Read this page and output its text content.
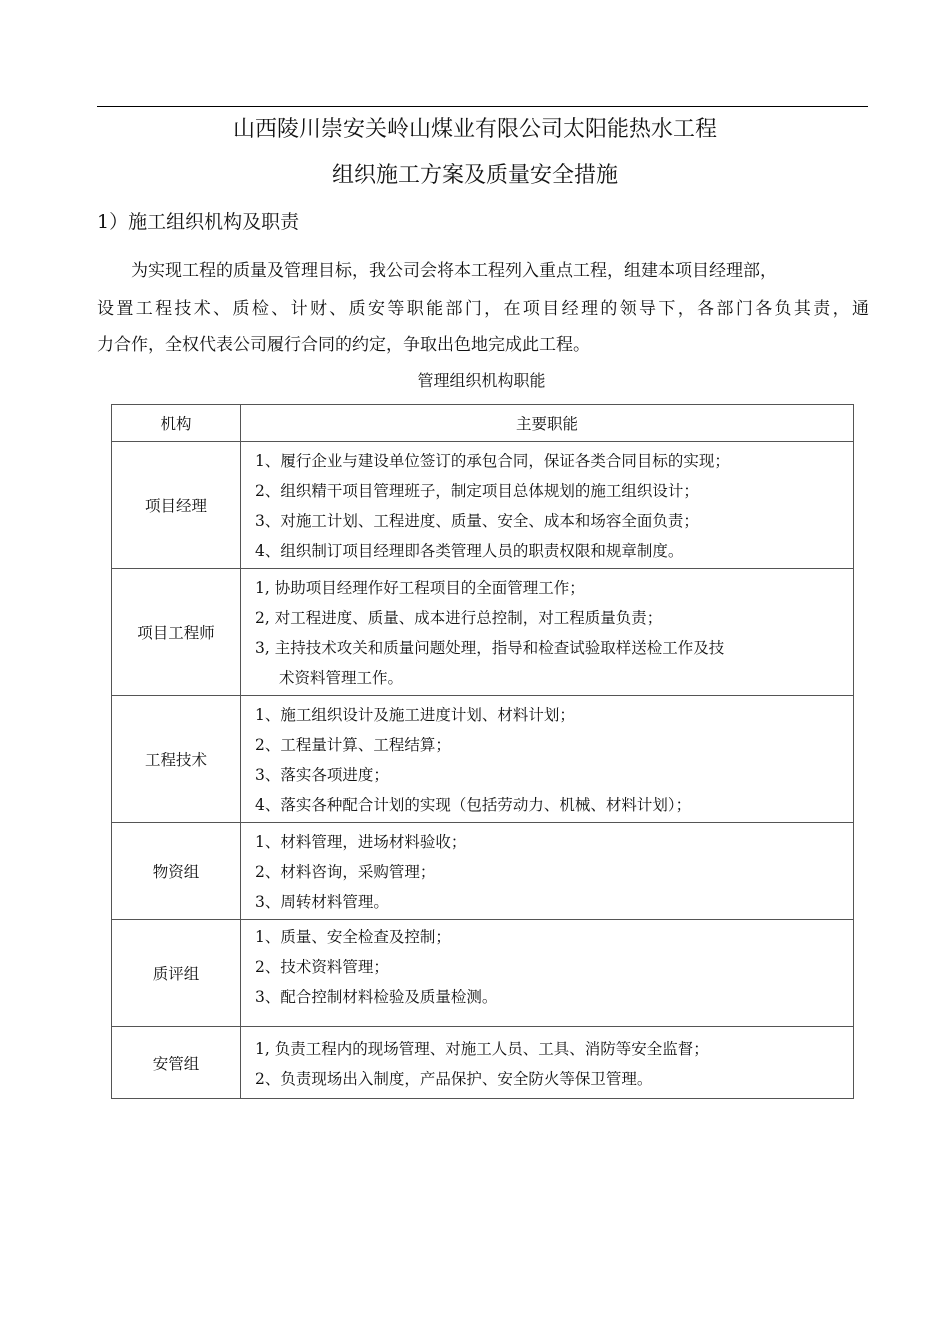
山西陵川崇安关岭山煤业有限公司太阳能热水工程
组织施工方案及质量安全措施
1）施工组织机构及职责
为实现工程的质量及管理目标，我公司会将本工程列入重点工程，组建本项目经理部，
设置工程技术、质检、计财、质安等职能部门，在项目经理的领导下，各部门各负其责，通
力合作，全权代表公司履行合同的约定，争取出色地完成此工程。
管理组织机构职能
机构	主要职能
项目经理	1、履行企业与建设单位签订的承包合同，保证各类合同目标的实现；
2、组织精干项目管理班子，制定项目总体规划的施工组织设计；
3、对施工计划、工程进度、质量、安全、成本和场容全面负责；
4、组织制订项目经理即各类管理人员的职责权限和规章制度。

项目工程师	1, 协助项目经理作好工程项目的全面管理工作；
2, 对工程进度、质量、成本进行总控制，对工程质量负责；
3, 主持技术攻关和质量问题处理，指导和检查试验取样送检工作及技
术资料管理工作。

工程技术	1、施工组织设计及施工进度计划、材料计划；
2、工程量计算、工程结算；
3、落实各项进度；
4、落实各种配合计划的实现（包括劳动力、机械、材料计划）；

物资组	1、材料管理，进场材料验收；
2、材料咨询，采购管理；
3、周转材料管理。

质评组	1、质量、安全检查及控制；
2、技术资料管理；
3、配合控制材料检验及质量检测。

安管组	1, 负责工程内的现场管理、对施工人员、工具、消防等安全监督；
2、负责现场出入制度，产品保护、安全防火等保卫管理。
